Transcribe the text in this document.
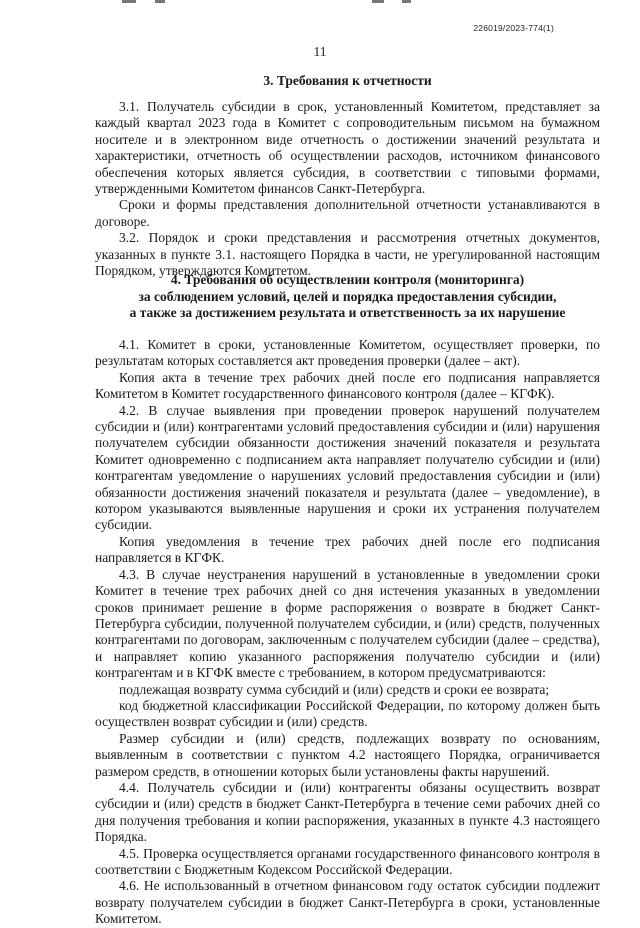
226019/2023-774(1)
11
3. Требования к отчетности

3.1. Получатель субсидии в срок, установленный Комитетом, представляет за каждый квартал 2023 года в Комитет с сопроводительным письмом на бумажном носителе и в электронном виде отчетность о достижении значений результата и характеристики, отчетность об осуществлении расходов, источником финансового обеспечения которых является субсидия, в соответствии с типовыми формами, утвержденными Комитетом финансов Санкт-Петербурга.

Сроки и формы представления дополнительной отчетности устанавливаются в договоре.

3.2. Порядок и сроки представления и рассмотрения отчетных документов, указанных в пункте 3.1. настоящего Порядка в части, не урегулированной настоящим Порядком, утверждаются Комитетом.

4. Требования об осуществлении контроля (мониторинга)
за соблюдением условий, целей и порядка предоставления субсидии,
а также за достижением результата и ответственность за их нарушение

4.1. Комитет в сроки, установленные Комитетом, осуществляет проверки, по результатам которых составляется акт проведения проверки (далее – акт).

Копия акта в течение трех рабочих дней после его подписания направляется Комитетом в Комитет государственного финансового контроля (далее – КГФК).

4.2. В случае выявления при проведении проверок нарушений получателем субсидии и (или) контрагентами условий предоставления субсидии и (или) нарушения получателем субсидии обязанности достижения значений показателя и результата Комитет одновременно с подписанием акта направляет получателю субсидии и (или) контрагентам уведомление о нарушениях условий предоставления субсидии и (или) обязанности достижения значений показателя и результата (далее – уведомление), в котором указываются выявленные нарушения и сроки их устранения получателем субсидии.

Копия уведомления в течение трех рабочих дней после его подписания направляется в КГФК.

4.3. В случае неустранения нарушений в установленные в уведомлении сроки Комитет в течение трех рабочих дней со дня истечения указанных в уведомлении сроков принимает решение в форме распоряжения о возврате в бюджет Санкт-Петербурга субсидии, полученной получателем субсидии, и (или) средств, полученных контрагентами по договорам, заключенным с получателем субсидии (далее – средства), и направляет копию указанного распоряжения получателю субсидии и (или) контрагентам и в КГФК вместе с требованием, в котором предусматриваются:

подлежащая возврату сумма субсидий и (или) средств и сроки ее возврата;

код бюджетной классификации Российской Федерации, по которому должен быть осуществлен возврат субсидии и (или) средств.

Размер субсидии и (или) средств, подлежащих возврату по основаниям, выявленным в соответствии с пунктом 4.2 настоящего Порядка, ограничивается размером средств, в отношении которых были установлены факты нарушений.

4.4. Получатель субсидии и (или) контрагенты обязаны осуществить возврат субсидии и (или) средств в бюджет Санкт-Петербурга в течение семи рабочих дней со дня получения требования и копии распоряжения, указанных в пункте 4.3 настоящего Порядка.

4.5. Проверка осуществляется органами государственного финансового контроля в соответствии с Бюджетным Кодексом Российской Федерации.

4.6. Не использованный в отчетном финансовом году остаток субсидии подлежит возврату получателем субсидии в бюджет Санкт-Петербурга в сроки, установленные Комитетом.
